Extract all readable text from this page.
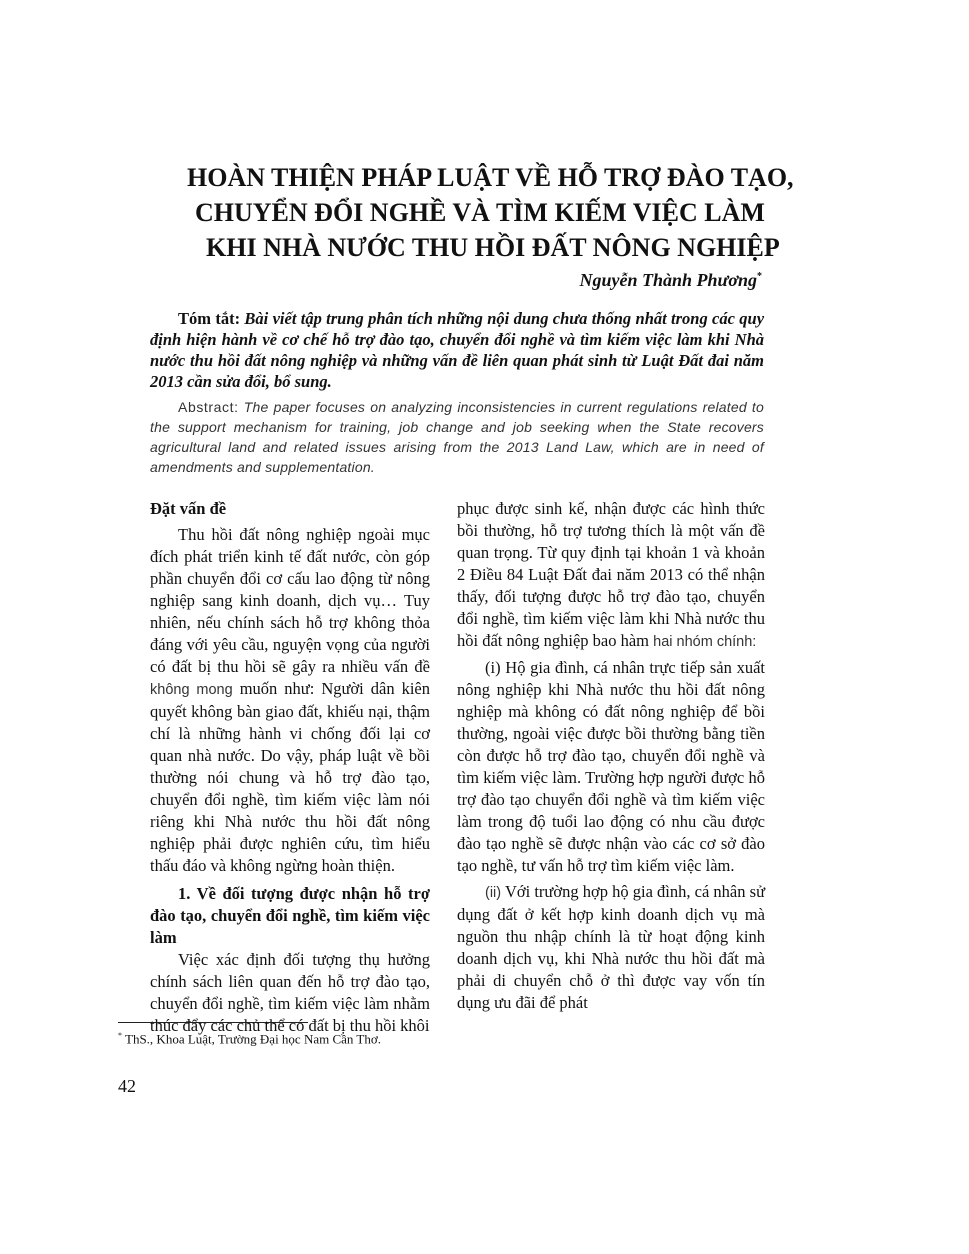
HOÀN THIỆN PHÁP LUẬT VỀ HỖ TRỢ ĐÀO TẠO,
CHUYỂN ĐỔI NGHỀ VÀ TÌM KIẾM VIỆC LÀM
KHI NHÀ NƯỚC THU HỒI ĐẤT NÔNG NGHIỆP
Nguyễn Thành Phương*
Tóm tắt: Bài viết tập trung phân tích những nội dung chưa thống nhất trong các quy định hiện hành về cơ chế hỗ trợ đào tạo, chuyển đổi nghề và tìm kiếm việc làm khi Nhà nước thu hồi đất nông nghiệp và những vấn đề liên quan phát sinh từ Luật Đất đai năm 2013 cần sửa đổi, bổ sung.
Abstract: The paper focuses on analyzing inconsistencies in current regulations related to the support mechanism for training, job change and job seeking when the State recovers agricultural land and related issues arising from the 2013 Land Law, which are in need of amendments and supplementation.
Đặt vấn đề

Thu hồi đất nông nghiệp ngoài mục đích phát triển kinh tế đất nước, còn góp phần chuyển đổi cơ cấu lao động từ nông nghiệp sang kinh doanh, dịch vụ… Tuy nhiên, nếu chính sách hỗ trợ không thỏa đáng với yêu cầu, nguyện vọng của người có đất bị thu hồi sẽ gây ra nhiều vấn đề không mong muốn như: Người dân kiên quyết không bàn giao đất, khiếu nại, thậm chí là những hành vi chống đối lại cơ quan nhà nước. Do vậy, pháp luật về bồi thường nói chung và hỗ trợ đào tạo, chuyển đổi nghề, tìm kiếm việc làm nói riêng khi Nhà nước thu hồi đất nông nghiệp phải được nghiên cứu, tìm hiểu thấu đáo và không ngừng hoàn thiện.

1. Về đối tượng được nhận hỗ trợ đào tạo, chuyển đổi nghề, tìm kiếm việc làm

Việc xác định đối tượng thụ hưởng chính sách liên quan đến hỗ trợ đào tạo, chuyển đổi nghề, tìm kiếm việc làm nhằm thúc đẩy các chủ thể có đất bị thu hồi khôi

phục được sinh kế, nhận được các hình thức bồi thường, hỗ trợ tương thích là một vấn đề quan trọng. Từ quy định tại khoản 1 và khoản 2 Điều 84 Luật Đất đai năm 2013 có thể nhận thấy, đối tượng được hỗ trợ đào tạo, chuyển đổi nghề, tìm kiếm việc làm khi Nhà nước thu hồi đất nông nghiệp bao hàm hai nhóm chính:

(i) Hộ gia đình, cá nhân trực tiếp sản xuất nông nghiệp khi Nhà nước thu hồi đất nông nghiệp mà không có đất nông nghiệp để bồi thường, ngoài việc được bồi thường bằng tiền còn được hỗ trợ đào tạo, chuyển đổi nghề và tìm kiếm việc làm. Trường hợp người được hỗ trợ đào tạo chuyển đổi nghề và tìm kiếm việc làm trong độ tuổi lao động có nhu cầu được đào tạo nghề sẽ được nhận vào các cơ sở đào tạo nghề, tư vấn hỗ trợ tìm kiếm việc làm.

(ii) Với trường hợp hộ gia đình, cá nhân sử dụng đất ở kết hợp kinh doanh dịch vụ mà nguồn thu nhập chính là từ hoạt động kinh doanh dịch vụ, khi Nhà nước thu hồi đất mà phải di chuyển chỗ ở thì được vay vốn tín dụng ưu đãi để phát

* ThS., Khoa Luật, Trường Đại học Nam Cần Thơ.
42
